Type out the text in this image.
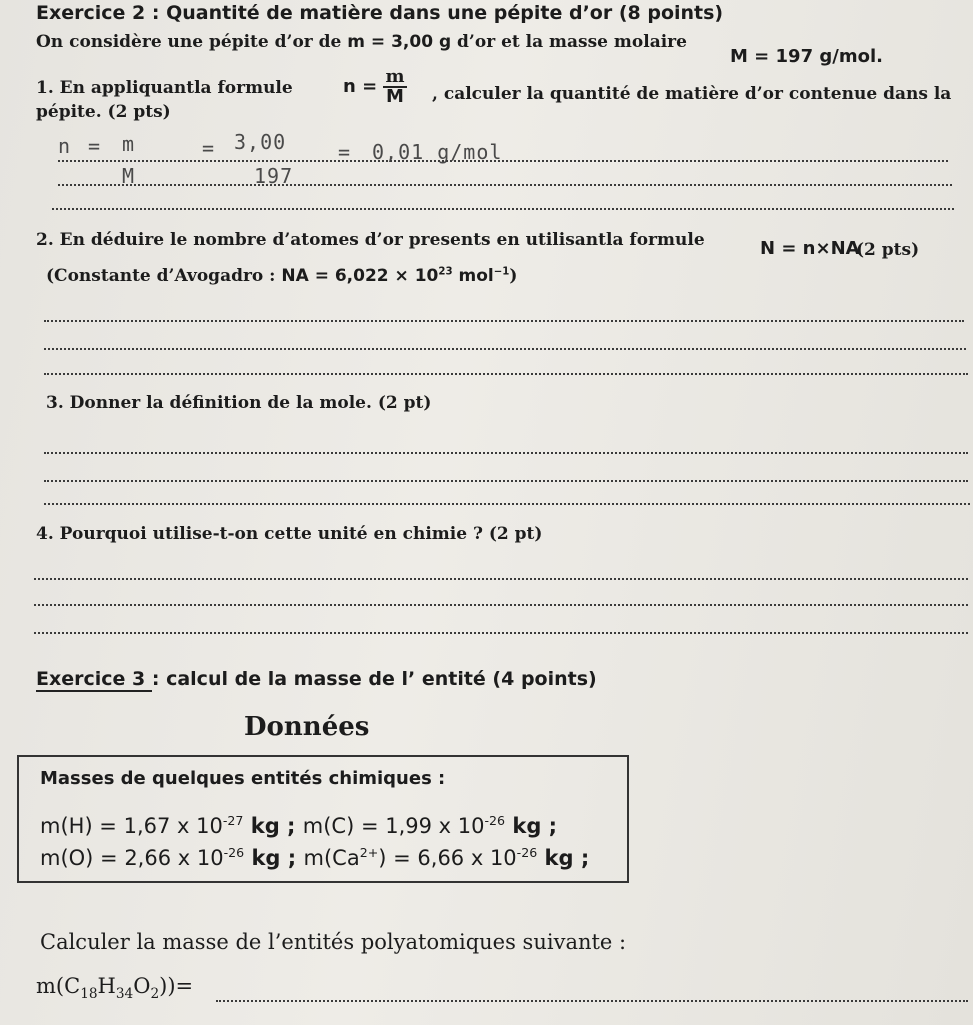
Exercice 2 : Quantité de matière dans une pépite d’or (8 points)
On considère une pépite d’or de m = 3,00 g d’or et la masse molaire
M = 197 g/mol.
1. En appliquantla formule	$n = \frac{m}{M}$ , calculer la quantité de matière d’or contenue dans la
pépite. (2 pts)
n = m
M
= 3,00
197
= 0,01 g/mol
2. En déduire le nombre d’atomes d’or presents en utilisantla formule	N = n×NA
(2 pts)
(Constante d’Avogadro : NA = $6,022 \times 10^{23}$ mol$^{-1}$)
3. Donner la définition de la mole. (2 pt)
4. Pourquoi utilise-t-on cette unité en chimie ? (2 pt)
Exercice 3 : calcul de la masse de l’ entité (4 points)
Données
Masses de quelques entités chimiques :
m(H) = 1,67 x $10^{-27}$ kg ; m(C) = 1,99 x $10^{-26}$ kg ;
m(O) = 2,66 x $10^{-26}$ kg ; $m(Ca^{2+}) = 6,66$ x $10^{-26}$ kg ;
Calculer la masse de l’entités polyatomiques suivante :
$m(C_{18}H_{34}O_2))=$
